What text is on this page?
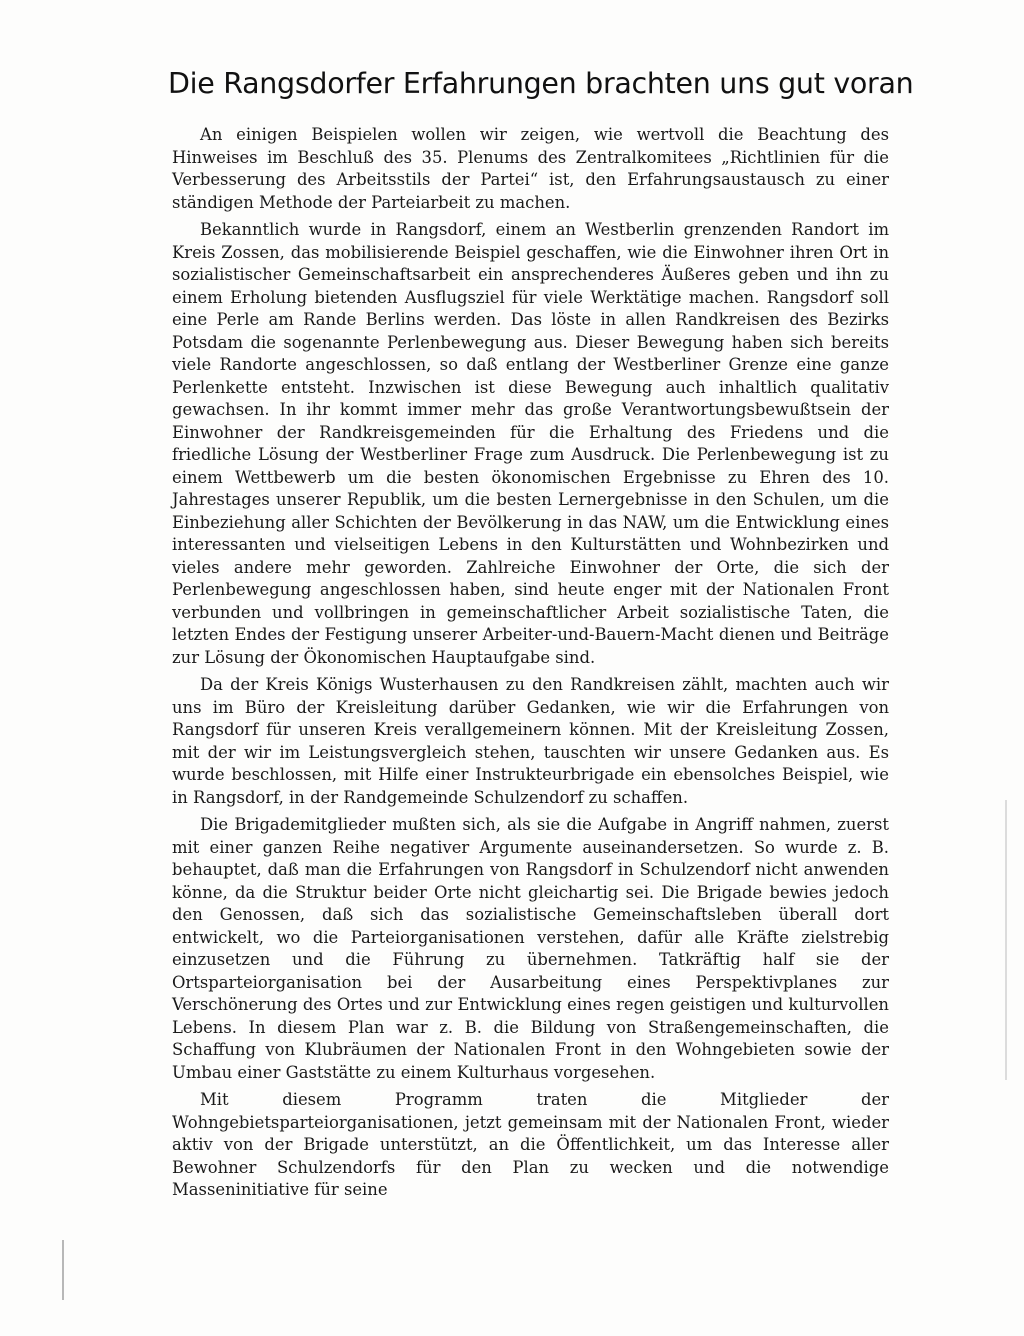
Die Rangsdorfer Erfahrungen brachten uns gut voran

An einigen Beispielen wollen wir zeigen, wie wertvoll die Beachtung des Hinweises im Beschluß des 35. Plenums des Zentralkomitees „Richtlinien für die Verbesserung des Arbeitsstils der Partei“ ist, den Erfahrungsaustausch zu einer ständigen Methode der Parteiarbeit zu machen.

Bekanntlich wurde in Rangsdorf, einem an Westberlin grenzenden Randort im Kreis Zossen, das mobilisierende Beispiel geschaffen, wie die Einwohner ihren Ort in sozialistischer Gemeinschaftsarbeit ein ansprechenderes Äußeres geben und ihn zu einem Erholung bietenden Ausflugsziel für viele Werktätige machen. Rangsdorf soll eine Perle am Rande Berlins werden. Das löste in allen Randkreisen des Bezirks Potsdam die sogenannte Perlenbewegung aus. Dieser Bewegung haben sich bereits viele Randorte angeschlossen, so daß entlang der Westberliner Grenze eine ganze Perlenkette entsteht. Inzwischen ist diese Bewegung auch inhaltlich qualitativ gewachsen. In ihr kommt immer mehr das große Verantwortungsbewußtsein der Einwohner der Randkreisgemeinden für die Erhaltung des Friedens und die friedliche Lösung der Westberliner Frage zum Ausdruck. Die Perlenbewegung ist zu einem Wettbewerb um die besten ökonomischen Ergebnisse zu Ehren des 10. Jahrestages unserer Republik, um die besten Lernergebnisse in den Schulen, um die Einbeziehung aller Schichten der Bevölkerung in das NAW, um die Entwicklung eines interessanten und vielseitigen Lebens in den Kulturstätten und Wohnbezirken und vieles andere mehr geworden. Zahlreiche Einwohner der Orte, die sich der Perlenbewegung angeschlossen haben, sind heute enger mit der Nationalen Front verbunden und vollbringen in gemeinschaftlicher Arbeit sozialistische Taten, die letzten Endes der Festigung unserer Arbeiter-und-Bauern-Macht dienen und Beiträge zur Lösung der Ökonomischen Hauptaufgabe sind.

Da der Kreis Königs Wusterhausen zu den Randkreisen zählt, machten auch wir uns im Büro der Kreisleitung darüber Gedanken, wie wir die Erfahrungen von Rangsdorf für unseren Kreis verallgemeinern können. Mit der Kreisleitung Zossen, mit der wir im Leistungsvergleich stehen, tauschten wir unsere Gedanken aus. Es wurde beschlossen, mit Hilfe einer Instrukteurbrigade ein ebensolches Beispiel, wie in Rangsdorf, in der Randgemeinde Schulzendorf zu schaffen.

Die Brigademitglieder mußten sich, als sie die Aufgabe in Angriff nahmen, zuerst mit einer ganzen Reihe negativer Argumente auseinandersetzen. So wurde z. B. behauptet, daß man die Erfahrungen von Rangsdorf in Schulzendorf nicht anwenden könne, da die Struktur beider Orte nicht gleichartig sei. Die Brigade bewies jedoch den Genossen, daß sich das sozialistische Gemeinschaftsleben überall dort entwickelt, wo die Parteiorganisationen verstehen, dafür alle Kräfte zielstrebig einzusetzen und die Führung zu übernehmen. Tatkräftig half sie der Ortsparteiorganisation bei der Ausarbeitung eines Perspektivplanes zur Verschönerung des Ortes und zur Entwicklung eines regen geistigen und kulturvollen Lebens. In diesem Plan war z. B. die Bildung von Straßengemeinschaften, die Schaffung von Klubräumen der Nationalen Front in den Wohngebieten sowie der Umbau einer Gaststätte zu einem Kulturhaus vorgesehen.

Mit diesem Programm traten die Mitglieder der Wohngebietsparteiorganisationen, jetzt gemeinsam mit der Nationalen Front, wieder aktiv von der Brigade unterstützt, an die Öffentlichkeit, um das Interesse aller Bewohner Schulzendorfs für den Plan zu wecken und die notwendige Masseninitiative für seine
